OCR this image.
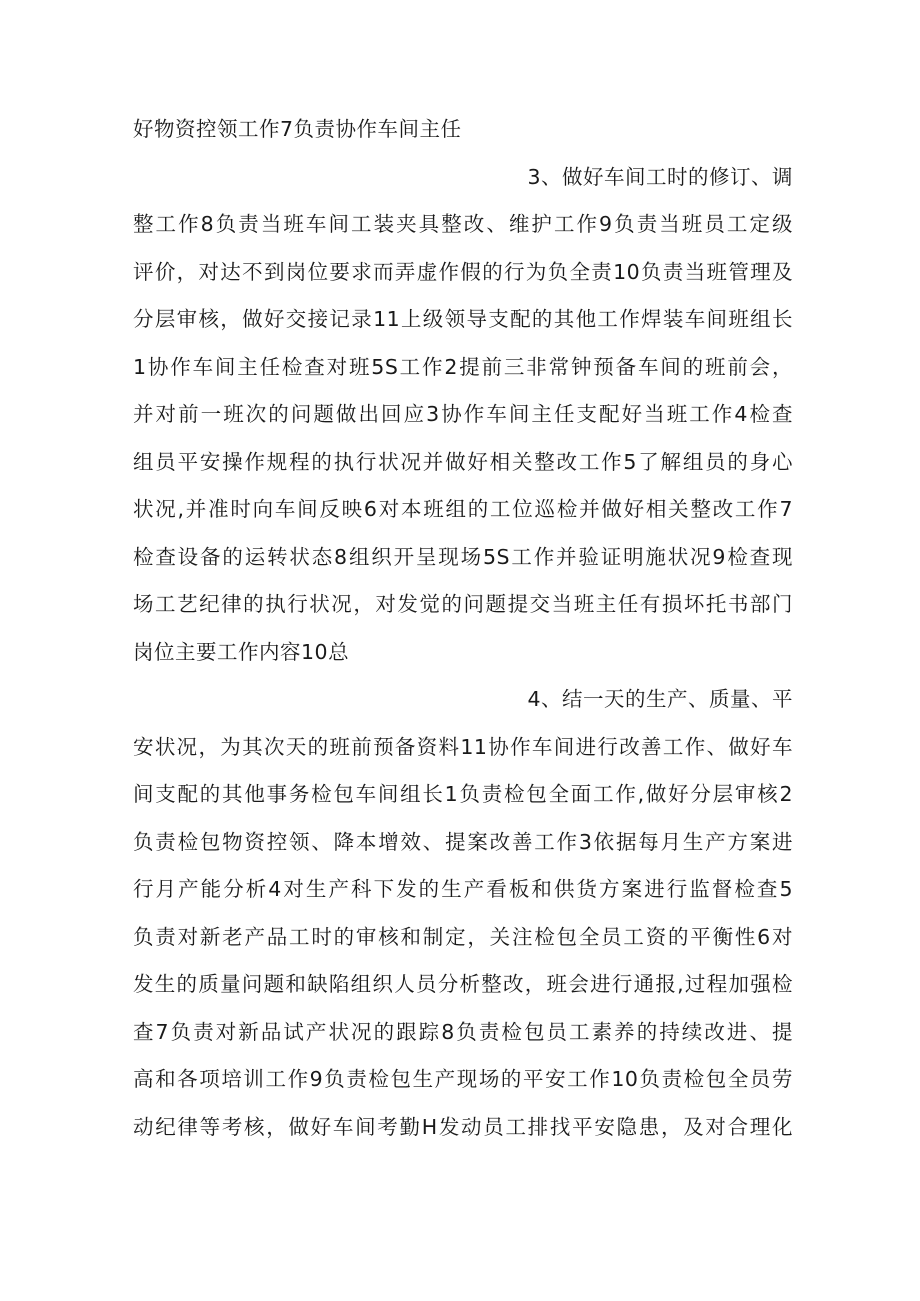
好物资控领工作7负责协作车间主任
3、做好车间工时的修订、调
整工作8负责当班车间工装夹具整改、维护工作9负责当班员工定级
评价，对达不到岗位要求而弄虚作假的行为负全责10负责当班管理及
分层审核，做好交接记录11上级领导支配的其他工作焊装车间班组长
1协作车间主任检查对班5S工作2提前三非常钟预备车间的班前会，
并对前一班次的问题做出回应3协作车间主任支配好当班工作4检查
组员平安操作规程的执行状况并做好相关整改工作5了解组员的身心
状况,并准时向车间反映6对本班组的工位巡检并做好相关整改工作7
检查设备的运转状态8组织开呈现场5S工作并验证明施状况9检查现
场工艺纪律的执行状况，对发觉的问题提交当班主任有损坏托书部门
岗位主要工作内容10总
4、结一天的生产、质量、平
安状况，为其次天的班前预备资料11协作车间进行改善工作、做好车
间支配的其他事务检包车间组长1负责检包全面工作,做好分层审核2
负责检包物资控领、降本增效、提案改善工作3依据每月生产方案进
行月产能分析4对生产科下发的生产看板和供货方案进行监督检查5
负责对新老产品工时的审核和制定，关注检包全员工资的平衡性6对
发生的质量问题和缺陷组织人员分析整改，班会进行通报,过程加强检
查7负责对新品试产状况的跟踪8负责检包员工素养的持续改进、提
高和各项培训工作9负责检包生产现场的平安工作10负责检包全员劳
动纪律等考核，做好车间考勤H发动员工排找平安隐患，及对合理化
